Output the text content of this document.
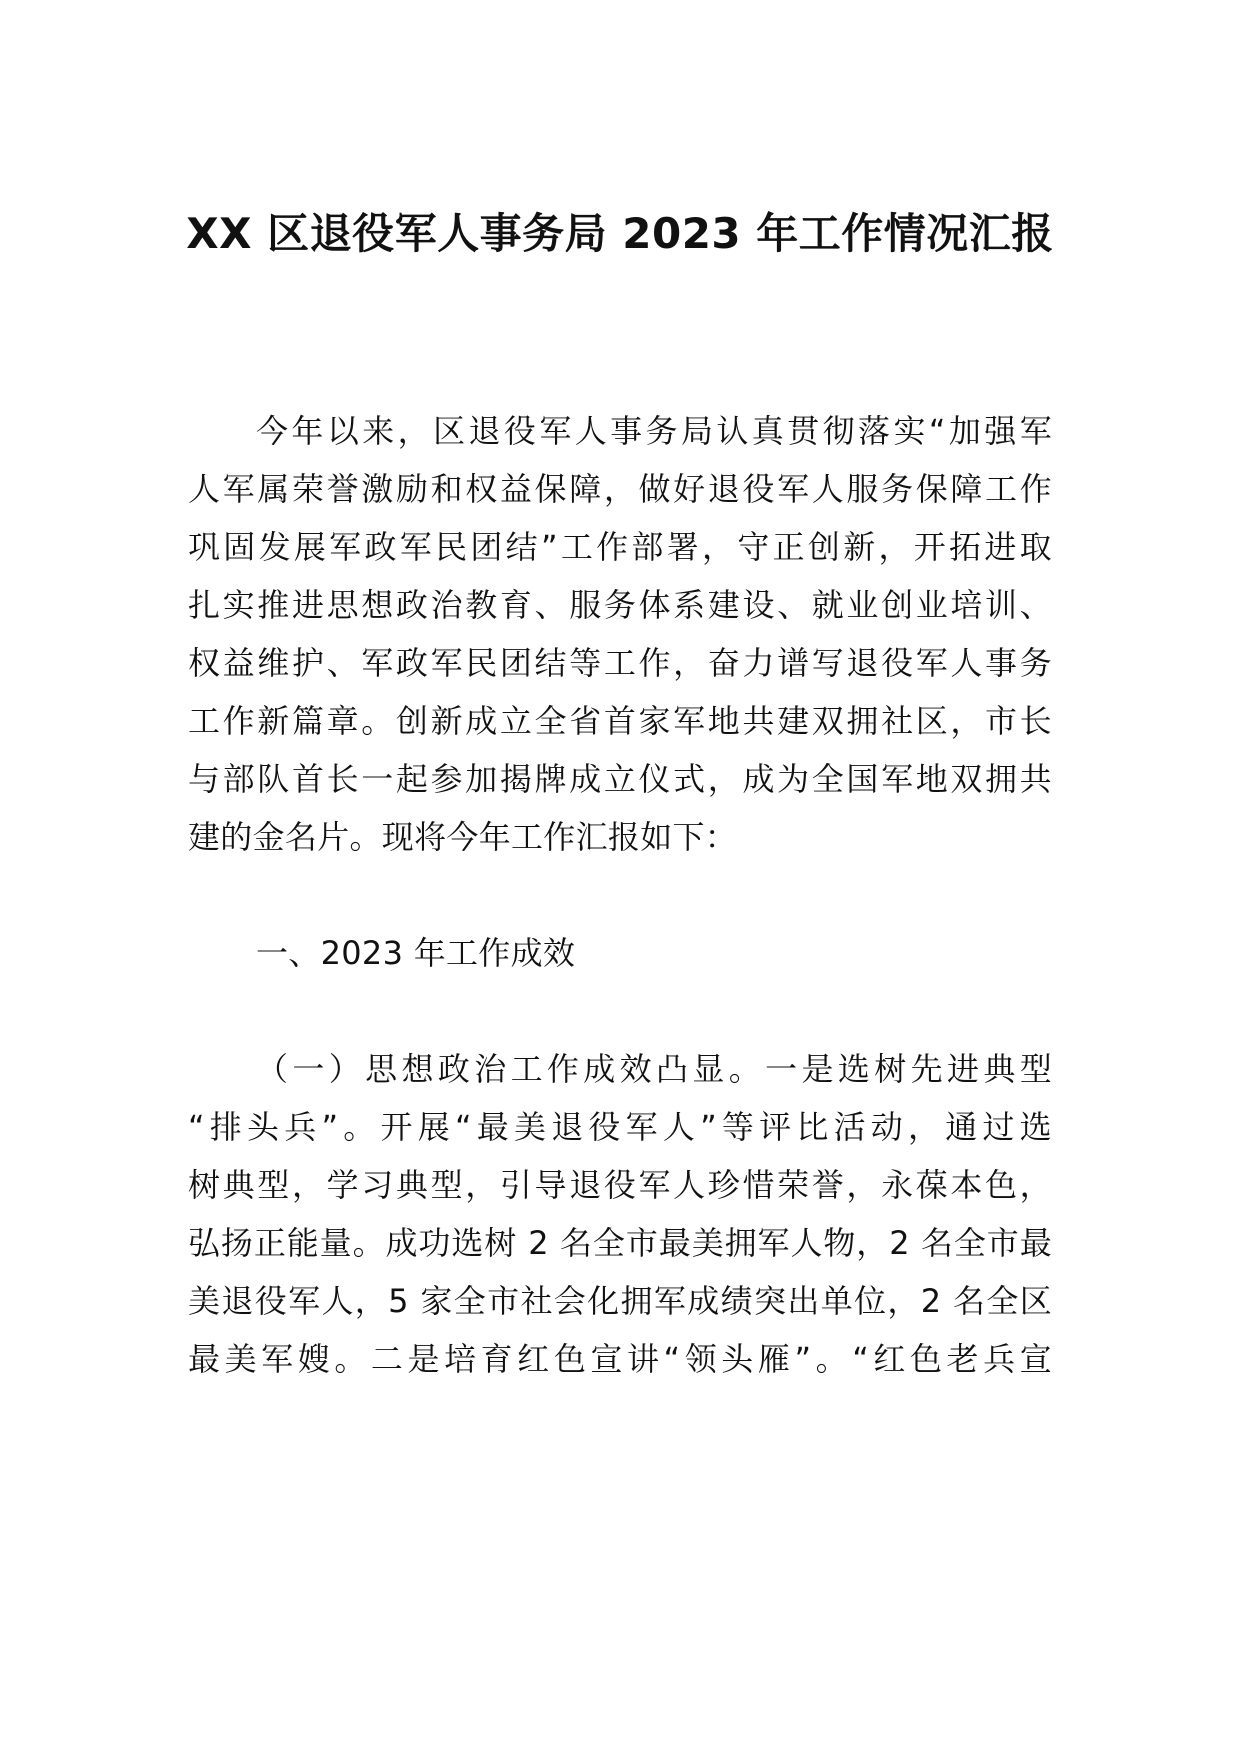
XX 区退役军人事务局 2023 年工作情况汇报

今年以来，区退役军人事务局认真贯彻落实“加强军

人军属荣誉激励和权益保障，做好退役军人服务保障工作

巩固发展军政军民团结”工作部署，守正创新，开拓进取

扎实推进思想政治教育、服务体系建设、就业创业培训、

权益维护、军政军民团结等工作，奋力谱写退役军人事务

工作新篇章。创新成立全省首家军地共建双拥社区，市长

与部队首长一起参加揭牌成立仪式，成为全国军地双拥共

建的金名片。现将今年工作汇报如下：

一、2023 年工作成效

（一）思想政治工作成效凸显。一是选树先进典型

“排头兵”。开展“最美退役军人”等评比活动，通过选

树典型，学习典型，引导退役军人珍惜荣誉，永葆本色，

弘扬正能量。成功选树 2 名全市最美拥军人物，2 名全市最

美退役军人，5 家全市社会化拥军成绩突出单位，2 名全区

最美军嫂。二是培育红色宣讲“领头雁”。“红色老兵宣
